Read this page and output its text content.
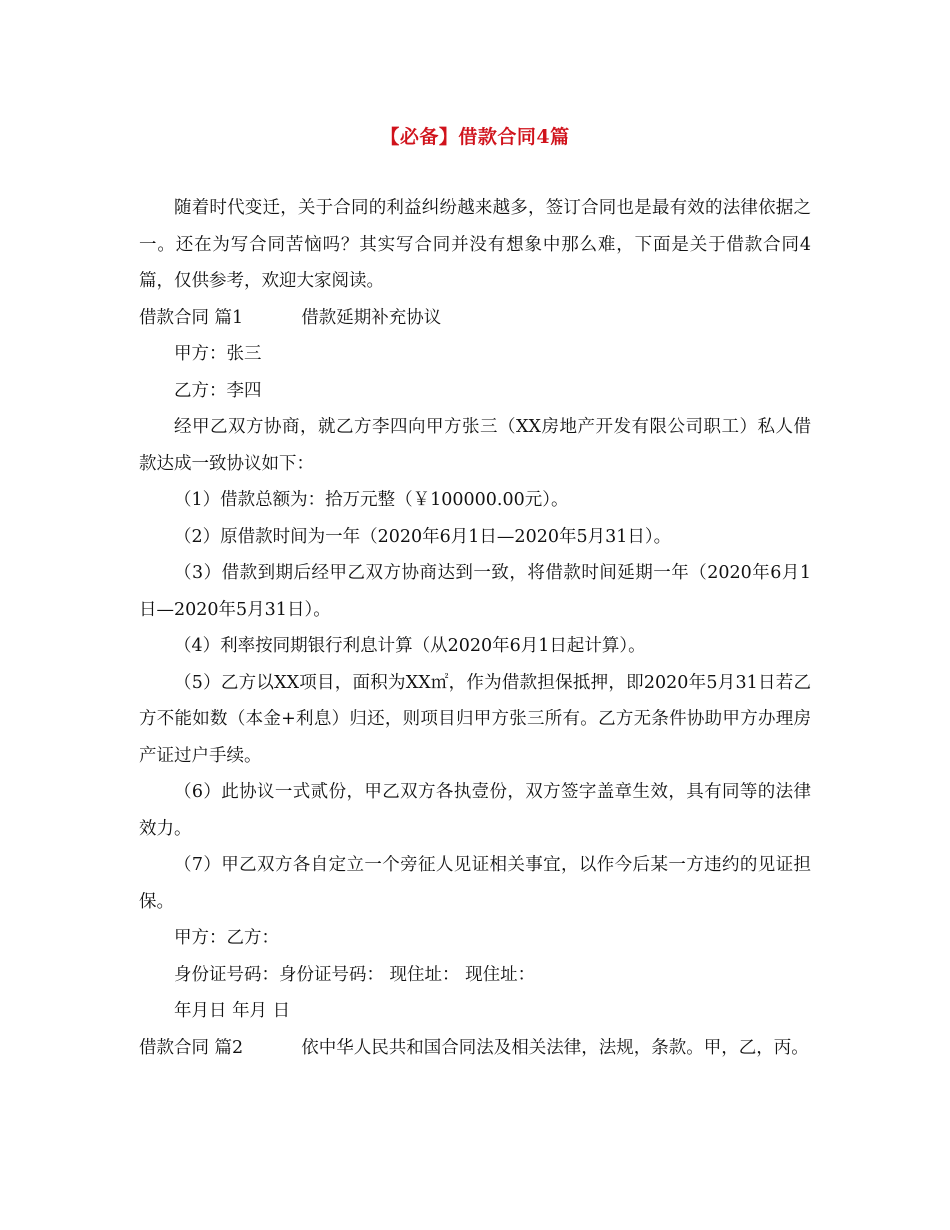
【必备】借款合同4篇

随着时代变迁，关于合同的利益纠纷越来越多，签订合同也是最有效的法律依据之一。还在为写合同苦恼吗？其实写合同并没有想象中那么难，下面是关于借款合同4篇，仅供参考，欢迎大家阅读。

借款合同 篇1	借款延期补充协议

甲方：张三

乙方：李四

经甲乙双方协商，就乙方李四向甲方张三（XX房地产开发有限公司职工）私人借款达成一致协议如下：

（1）借款总额为：拾万元整（￥100000.00元）。

（2）原借款时间为一年（2020年6月1日—2020年5月31日）。

（3）借款到期后经甲乙双方协商达到一致，将借款时间延期一年（2020年6月1日—2020年5月31日）。

（4）利率按同期银行利息计算（从2020年6月1日起计算）。

（5）乙方以XX项目，面积为XX㎡，作为借款担保抵押，即2020年5月31日若乙方不能如数（本金+利息）归还，则项目归甲方张三所有。乙方无条件协助甲方办理房产证过户手续。

（6）此协议一式贰份，甲乙双方各执壹份，双方签字盖章生效，具有同等的法律效力。

（7）甲乙双方各自定立一个旁征人见证相关事宜，以作今后某一方违约的见证担保。

甲方：乙方：

身份证号码：身份证号码： 现住址： 现住址：

年月日 年月 日

借款合同 篇2	依中华人民共和国合同法及相关法律，法规，条款。甲，乙，丙。
